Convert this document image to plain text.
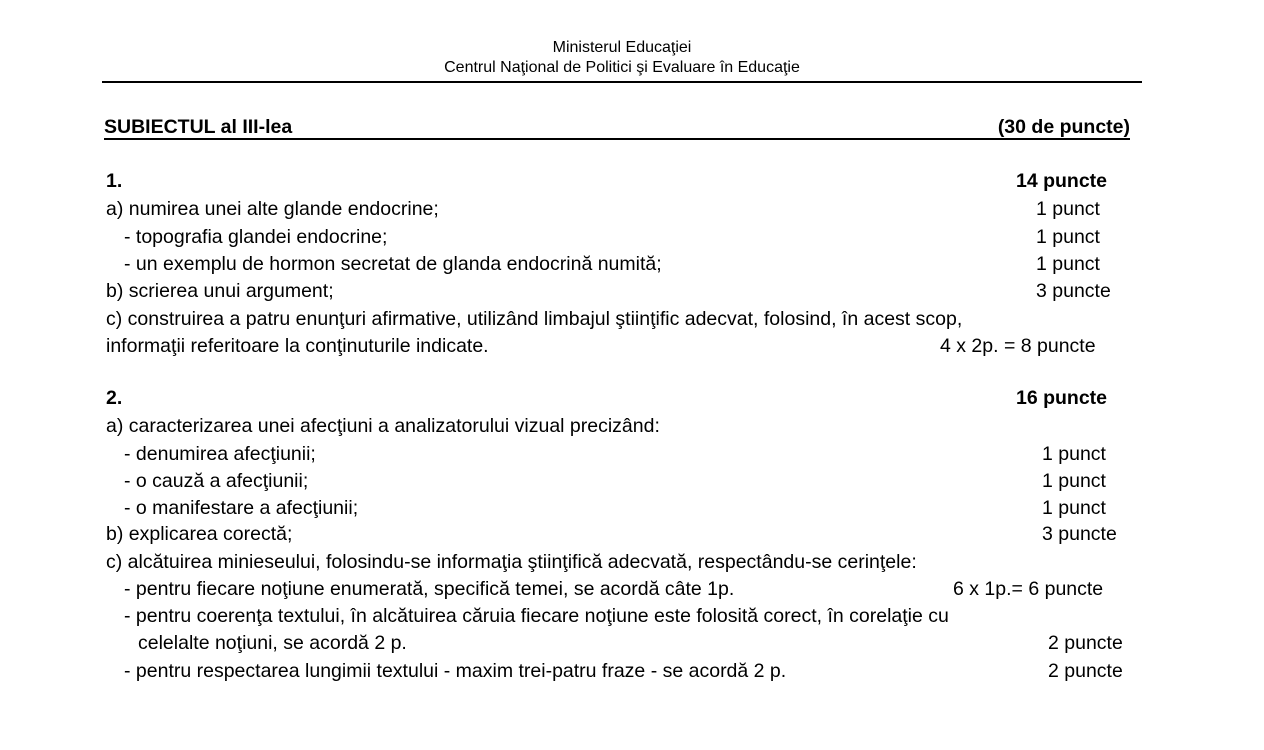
Ministerul Educaţiei
Centrul Naţional de Politici şi Evaluare în Educaţie
SUBIECTUL al III-lea	(30 de puncte)
1.	14 puncte
a) numirea unei alte glande endocrine;	1 punct
- topografia glandei endocrine;	1 punct
- un exemplu de hormon secretat de glanda endocrină numită;	1 punct
b) scrierea unui argument;	3 puncte
c) construirea a patru enunţuri afirmative, utilizând limbajul ştiinţific adecvat, folosind, în acest scop,
informaţii referitoare la conţinuturile indicate.	4 x 2p. = 8 puncte
2.	16 puncte
a) caracterizarea unei afecţiuni a analizatorului vizual precizând:
- denumirea afecţiunii;	1 punct
- o cauză a afecţiunii;	1 punct
- o manifestare a afecţiunii;	1 punct
b) explicarea corectă;	3 puncte
c) alcătuirea minieseului, folosindu-se informaţia ştiinţifică adecvată, respectându-se cerinţele:
- pentru fiecare noţiune enumerată, specifică temei, se acordă câte 1p.	6 x 1p.= 6 puncte
- pentru coerenţa textului, în alcătuirea căruia fiecare noţiune este folosită corect, în corelaţie cu
celelalte noţiuni, se acordă 2 p.	2 puncte
- pentru respectarea lungimii textului - maxim trei-patru fraze - se acordă 2 p.	2 puncte
